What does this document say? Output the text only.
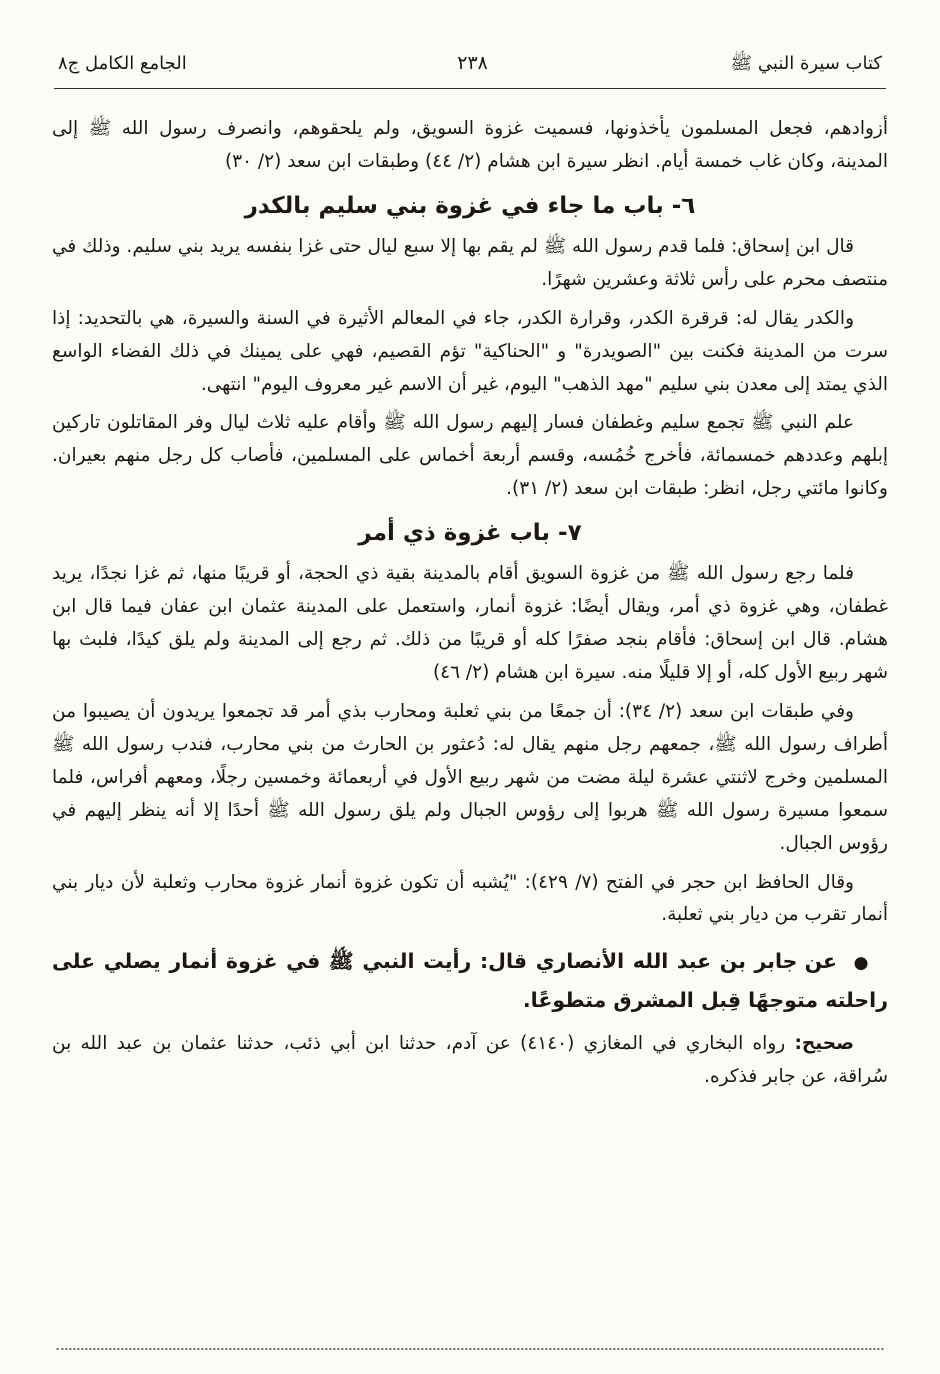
كتاب سيرة النبي ﷺ
٢٣٨
الجامع الكامل ج٨

أزوادهم، فجعل المسلمون يأخذونها، فسميت غزوة السويق، ولم يلحقوهم، وانصرف رسول الله ﷺ إلى المدينة، وكان غاب خمسة أيام. انظر سيرة ابن هشام (٢/ ٤٤) وطبقات ابن سعد (٢/ ٣٠)

٦- باب ما جاء في غزوة بني سليم بالكدر

قال ابن إسحاق: فلما قدم رسول الله ﷺ لم يقم بها إلا سبع ليال حتى غزا بنفسه يريد بني سليم. وذلك في منتصف محرم على رأس ثلاثة وعشرين شهرًا.

والكدر يقال له: قرقرة الكدر، وقرارة الكدر، جاء في المعالم الأثيرة في السنة والسيرة، هي بالتحديد: إذا سرت من المدينة فكنت بين "الصويدرة" و "الحناكية" تؤم القصيم، فهي على يمينك في ذلك الفضاء الواسع الذي يمتد إلى معدن بني سليم "مهد الذهب" اليوم، غير أن الاسم غير معروف اليوم" انتهى.

علم النبي ﷺ تجمع سليم وغطفان فسار إليهم رسول الله ﷺ وأقام عليه ثلاث ليال وفر المقاتلون تاركين إبلهم وعددهم خمسمائة، فأخرج خُمُسه، وقسم أربعة أخماس على المسلمين، فأصاب كل رجل منهم بعيران. وكانوا مائتي رجل، انظر: طبقات ابن سعد (٢/ ٣١).

٧- باب غزوة ذي أمر

فلما رجع رسول الله ﷺ من غزوة السويق أقام بالمدينة بقية ذي الحجة، أو قريبًا منها، ثم غزا نجدًا، يريد غطفان، وهي غزوة ذي أمر، ويقال أيضًا: غزوة أنمار، واستعمل على المدينة عثمان ابن عفان فيما قال ابن هشام. قال ابن إسحاق: فأقام بنجد صفرًا كله أو قريبًا من ذلك. ثم رجع إلى المدينة ولم يلق كيدًا، فلبث بها شهر ربيع الأول كله، أو إلا قليلًا منه. سيرة ابن هشام (٢/ ٤٦)

وفي طبقات ابن سعد (٢/ ٣٤): أن جمعًا من بني ثعلبة ومحارب بذي أمر قد تجمعوا يريدون أن يصيبوا من أطراف رسول الله ﷺ، جمعهم رجل منهم يقال له: دُعثور بن الحارث من بني محارب، فندب رسول الله ﷺ المسلمين وخرج لاثنتي عشرة ليلة مضت من شهر ربيع الأول في أربعمائة وخمسين رجلًا، ومعهم أفراس، فلما سمعوا مسيرة رسول الله ﷺ هربوا إلى رؤوس الجبال ولم يلق رسول الله ﷺ أحدًا إلا أنه ينظر إليهم في رؤوس الجبال.

وقال الحافظ ابن حجر في الفتح (٧/ ٤٢٩): "يُشبه أن تكون غزوة أنمار غزوة محارب وثعلبة لأن ديار بني أنمار تقرب من ديار بني ثعلبة.

● عن جابر بن عبد الله الأنصاري قال: رأيت النبي ﷺ في غزوة أنمار يصلي على راحلته متوجهًا قِبل المشرق متطوعًا.

صحيح: رواه البخاري في المغازي (٤١٤٠) عن آدم، حدثنا ابن أبي ذئب، حدثنا عثمان بن عبد الله بن سُراقة، عن جابر فذكره.
